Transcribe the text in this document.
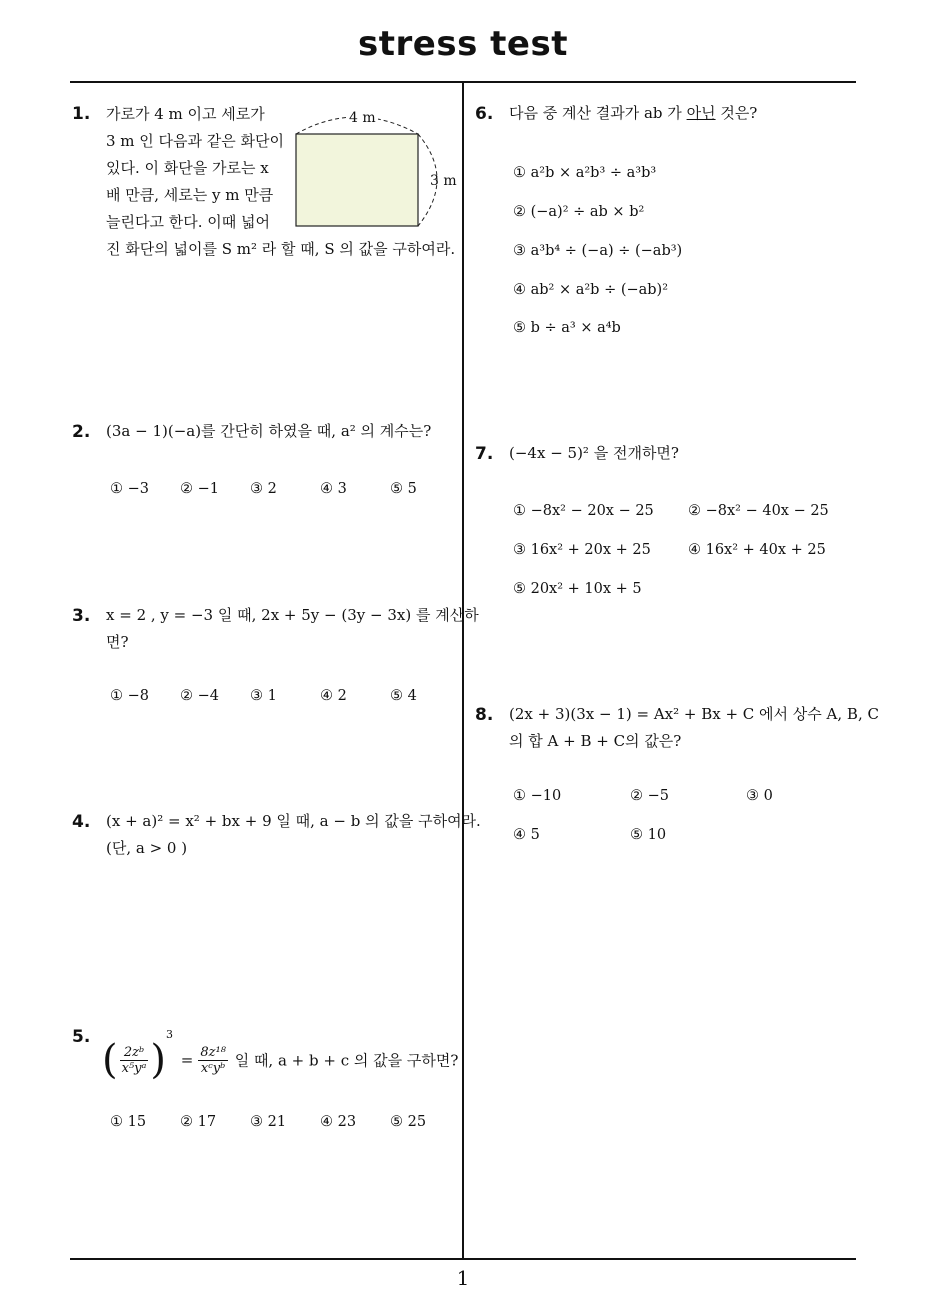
stress test
1
1. 가로가 4 m 이고 세로가
3 m 인 다음과 같은 화단이
있다. 이 화단을 가로는 x
배 만큼, 세로는 y m 만큼
늘린다고 한다. 이때 넓어
진 화단의 넓이를 S m² 라 할 때, S 의 값을 구하여라.
4 m
3 m
2. (3a − 1)(−a)를 간단히 하였을 때, a² 의 계수는?
① −3 ② −1 ③ 2	④ 3	⑤ 5
3. x = 2 , y = −3 일 때, 2x + 5y − (3y − 3x) 를 계산하
면?
① −8 ② −4 ③ 1	④ 2	⑤ 4
4. (x + a)² = x² + bx + 9 일 때, a − b 의 값을 구하여라.
(단, a > 0 )
5. ( $\frac{\text{2zᵇ}}{\text{x⁵yᵃ}} )^3 = \frac{\text{8z¹⁸}}{\text{xᶜyᵇ}}$ 일 때, a + b + c 의 값을 구하면?
① 15 ② 17 ③ 21 ④ 23 ⑤ 25
6. 다음 중 계산 결과가 ab 가 아닌 것은?
① a²b × a²b³ ÷ a³b³
② (−a)² ÷ ab × b²
③ a³b⁴ ÷ (−a) ÷ (−ab³)
④ ab² × a²b ÷ (−ab)²
⑤ b ÷ a³ × a⁴b
7. (−4x − 5)² 을 전개하면?
① −8x² − 20x − 25 ② −8x² − 40x − 25
③ 16x² + 20x + 25	④ 16x² + 40x + 25
⑤ 20x² + 10x + 5
8. (2x + 3)(3x − 1) = Ax² + Bx + C 에서 상수 A, B, C
의 합 A + B + C의 값은?
① −10	② −5	③ 0
④ 5	⑤ 10
